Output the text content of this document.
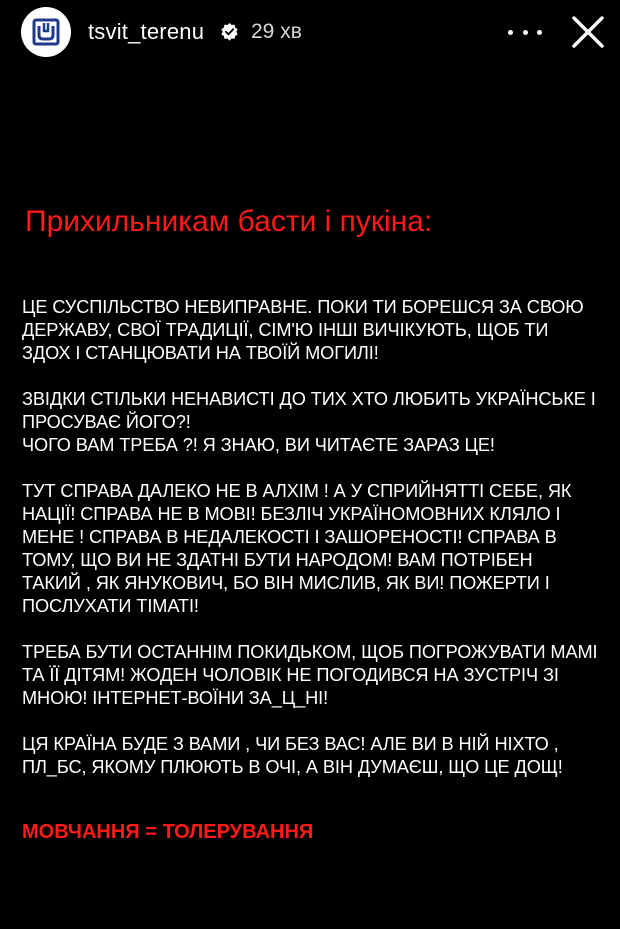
tsvit_terenu 29 хв
Прихильникам басти і пукіна:

ЦЕ СУСПІЛЬСТВО НЕВИПРАВНЕ. ПОКИ ТИ БОРЕШСЯ ЗА СВОЮ
ДЕРЖАВУ, СВОЇ ТРАДИЦІЇ, СІМ'Ю ІНШІ ВИЧІКУЮТЬ, ЩОБ ТИ
ЗДОХ І СТАНЦЮВАТИ НА ТВОЇЙ МОГИЛІ!

ЗВІДКИ СТІЛЬКИ НЕНАВИСТІ ДО ТИХ ХТО ЛЮБИТЬ УКРАЇНСЬКЕ І
ПРОСУВАЄ ЙОГО?!
ЧОГО ВАМ ТРЕБА ?! Я ЗНАЮ, ВИ ЧИТАЄТЕ ЗАРАЗ ЦЕ!

ТУТ СПРАВА ДАЛЕКО НЕ В АЛХІМ ! А У СПРИЙНЯТТІ СЕБЕ, ЯК
НАЦІЇ! СПРАВА НЕ В МОВІ! БЕЗЛІЧ УКРАЇНОМОВНИХ КЛЯЛО І
МЕНЕ ! СПРАВА В НЕДАЛЕКОСТІ І ЗАШОРЕНОСТІ! СПРАВА В
ТОМУ, ЩО ВИ НЕ ЗДАТНІ БУТИ НАРОДОМ! ВАМ ПОТРІБЕН
ТАКИЙ , ЯК ЯНУКОВИЧ, БО ВІН МИСЛИВ, ЯК ВИ! ПОЖЕРТИ І
ПОСЛУХАТИ ТІМАТІ!

ТРЕБА БУТИ ОСТАННІМ ПОКИДЬКОМ, ЩОБ ПОГРОЖУВАТИ МАМІ
ТА ЇЇ ДІТЯМ! ЖОДЕН ЧОЛОВІК НЕ ПОГОДИВСЯ НА ЗУСТРІЧ ЗІ
МНОЮ! ІНТЕРНЕТ-ВОЇНИ ЗА_Ц_НІ!

ЦЯ КРАЇНА БУДЕ З ВАМИ , ЧИ БЕЗ ВАС! АЛЕ ВИ В НІЙ НІХТО ,
ПЛ_БС, ЯКОМУ ПЛЮЮТЬ В ОЧІ, А ВІН ДУМАЄШ, ЩО ЦЕ ДОЩ!

МОВЧАННЯ = ТОЛЕРУВАННЯ
